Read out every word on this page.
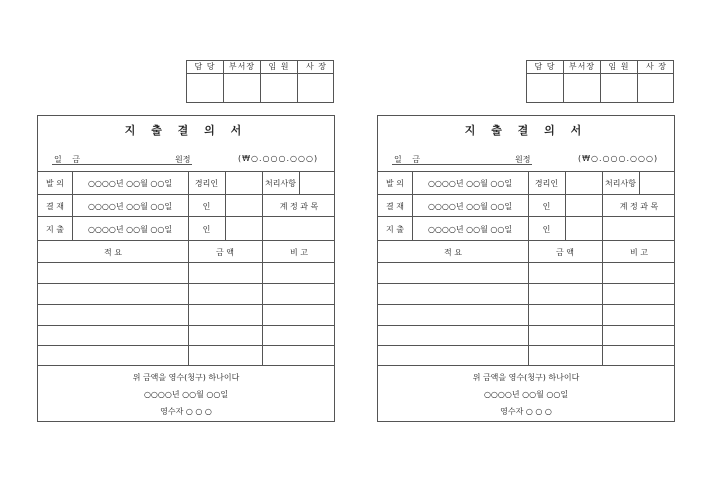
담 당	부서장	임 원	사 장
지 출 결 의 서
일 금	원정	(₩○.○○○.○○○)
발 의	○○○○년 ○○월 ○○일	경리인	처리사항
결 재	○○○○년 ○○월 ○○일	인	계 정 과 목
지 출	○○○○년 ○○월 ○○일	인
적 요	금 액	비 고
위 금액을 영수(청구) 하나이다
○○○○년 ○○월 ○○일
영수자 ○ ○ ○
담 당	부서장	임 원	사 장
지 출 결 의 서
일 금	원정	(₩○.○○○.○○○)
발 의	○○○○년 ○○월 ○○일	경리인	처리사항
결 재	○○○○년 ○○월 ○○일	인	계 정 과 목
지 출	○○○○년 ○○월 ○○일	인
적 요	금 액	비 고
위 금액을 영수(청구) 하나이다
○○○○년 ○○월 ○○일
영수자 ○ ○ ○
